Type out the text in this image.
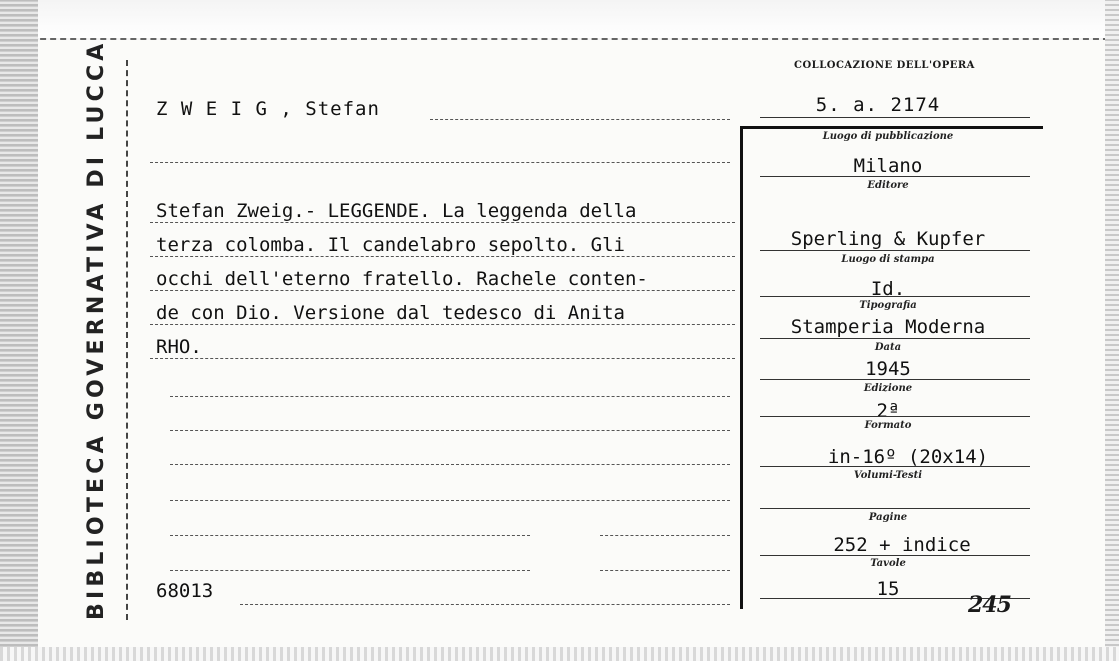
BIBLIOTECA GOVERNATIVA DI LUCCA Z W E I G , Stefan
Stefan Zweig.- LEGGENDE. La leggenda della
terza colomba. Il candelabro sepolto. Gli
occhi dell'eterno fratello. Rachele conten-
de con Dio. Versione dal tedesco di Anita
RHO.
68013
COLLOCAZIONE DELL'OPERA
5. a. 2174
Luogo di pubblicazione
Milano
Editore
Sperling & Kupfer
Luogo di stampa
Id.
Tipografia
Stamperia Moderna
Data
1945
Edizione
2ª
Formato
in-16º (20x14)
Volumi-Testi
Pagine
252 + indice
Tavole
15
245
